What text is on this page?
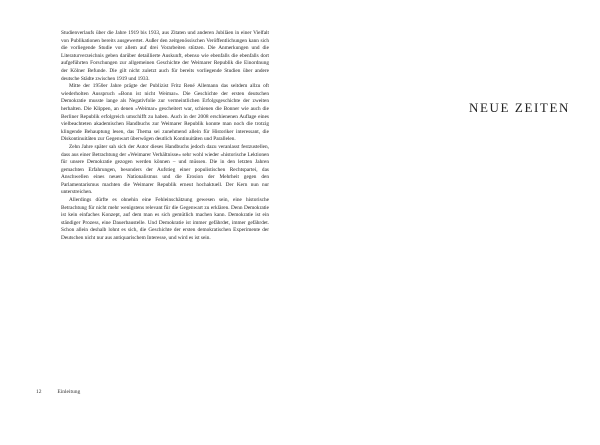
Studienverlaufs über die Jahre 1919 bis 1933, aus Zitaten und anderen Jubiläen in einer Vielfalt von Publikationen bereits ausgewertet. Außer den zeitgenössischen Veröffentlichungen kann sich die vorliegende Studie vor allem auf drei Vorarbeiten stützen. Die Anmerkungen und die Literaturverzeichnis geben darüber detaillierte Auskunft, ebenso wie ebenfalls die ebenfalls dort aufgeführten Forschungen zur allgemeinen Geschichte der Weimarer Republik die Einordnung der Kölner Befunde. Die gilt nicht zuletzt auch für bereits vorliegende Studien über andere deutsche Städte zwischen 1919 und 1933.

Mitte der 1950er Jahre prägte der Publizist Fritz René Allemann das seitdem allzu oft wiederholten Ausspruch »Bonn ist nicht Weimar«. Die Geschichte der ersten deutschen Demokratie musste lange als Negativfolie zur vermeintlichen Erfolgsgeschichte der zweiten herhalten. Die Klippen, an denen »Weimar« gescheitert war, schienen die Bonner wie auch die Berliner Republik erfolgreich umschifft zu haben. Auch in der 2008 erschienenen Auflage eines vielbeachteten akademischen Handbuchs zur Weimarer Republik konnte man noch die trotzig klingende Behauptung lesen, das Thema sei zunehmend allein für Historiker interessant, die Diskontinuitäten zur Gegenwart überwögen deutlich Kontinuitäten und Parallelen.

Zehn Jahre später sah sich der Autor dieses Handbuchs jedoch dazu veranlasst festzustellen, dass aus einer Betrachtung der »Weimarer Verhältnisse« sehr wohl wieder »historische Lektionen für unsere Demokratie gezogen werden können – und müssen. Die in den letzten Jahren gemachten Erfahrungen, besonders der Aufstieg einer populistischen Rechtspartei, das Anschwellen eines neuen Nationalismus und die Erosion der Mehrheit gegen den Parlamentarismus machten die Weimarer Republik erneut hochaktuell. Der Kern nun nur unterstreichen.

Allerdings dürfte es ohnehin eine Fehleinschätzung gewesen sein, eine historische Betrachtung für nicht mehr wenigstens relevant für die Gegenwart zu erklären. Denn Demokratie ist kein einfaches Konzept, auf dem man es sich gemütlich machen kann. Demokratie ist ein ständiger Prozess, eine Dauerbaustelle. Und Demokratie ist immer gefährdet, immer gefährdet. Schon allein deshalb lohnt es sich, die Geschichte der ersten demokratischen Experimente der Deutschen nicht nur aus antiquarischem Interesse, und wird es ist sein.

12	Einleitung
NEUE ZEITEN
